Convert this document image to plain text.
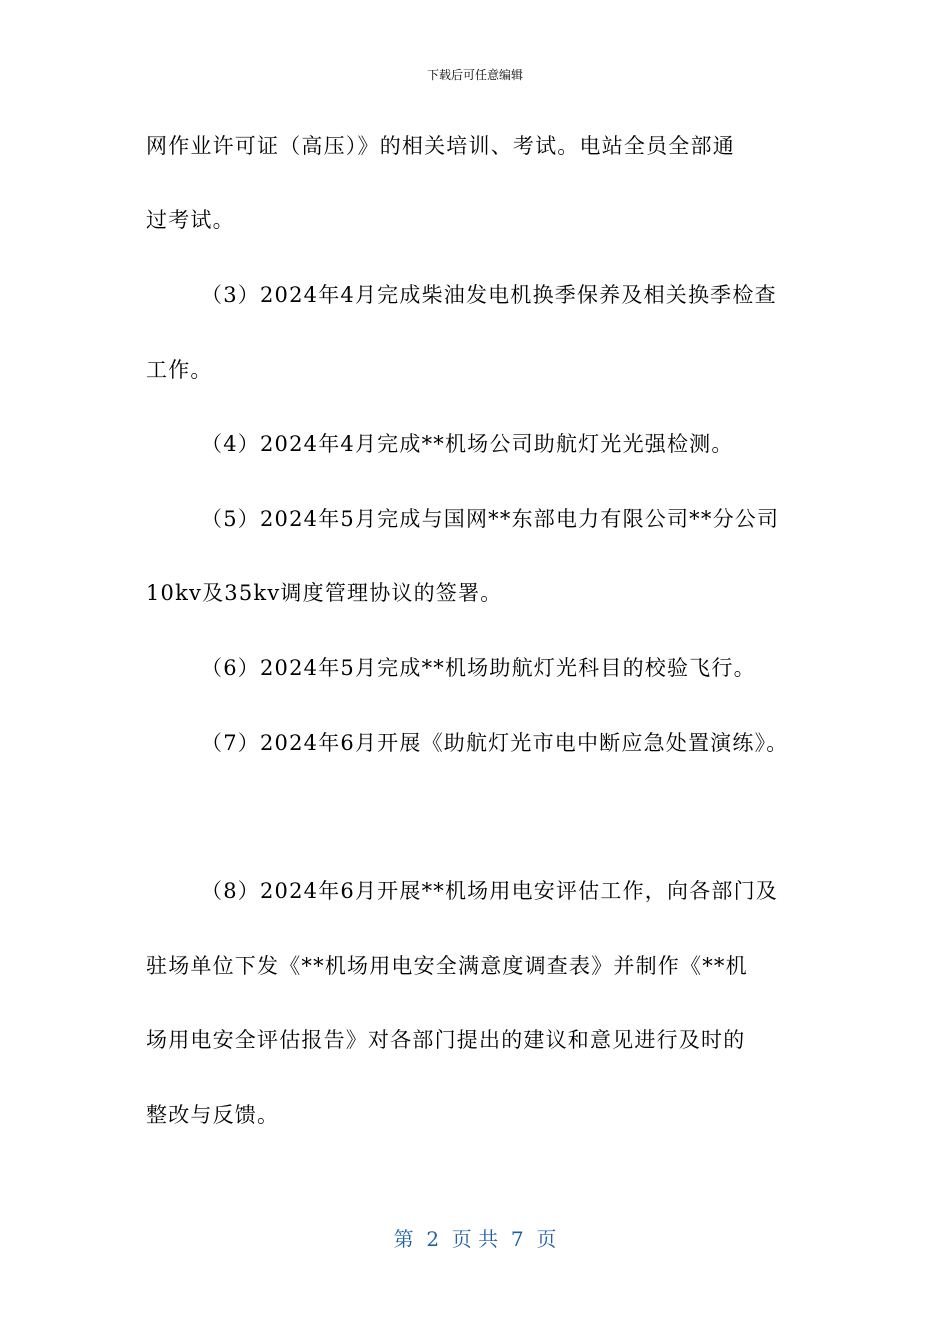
下载后可任意编辑
网作业许可证（高压）》的相关培训、考试。电站全员全部通
过考试。
（3）2024年4月完成柴油发电机换季保养及相关换季检查
工作。
（4）2024年4月完成**机场公司助航灯光光强检测。
（5）2024年5月完成与国网**东部电力有限公司**分公司
10kv及35kv调度管理协议的签署。
（6）2024年5月完成**机场助航灯光科目的校验飞行。
（7）2024年6月开展《助航灯光市电中断应急处置演练》。
（8）2024年6月开展**机场用电安评估工作，向各部门及
驻场单位下发《**机场用电安全满意度调查表》并制作《**机
场用电安全评估报告》对各部门提出的建议和意见进行及时的
整改与反馈。
第  2  页 共  7  页
